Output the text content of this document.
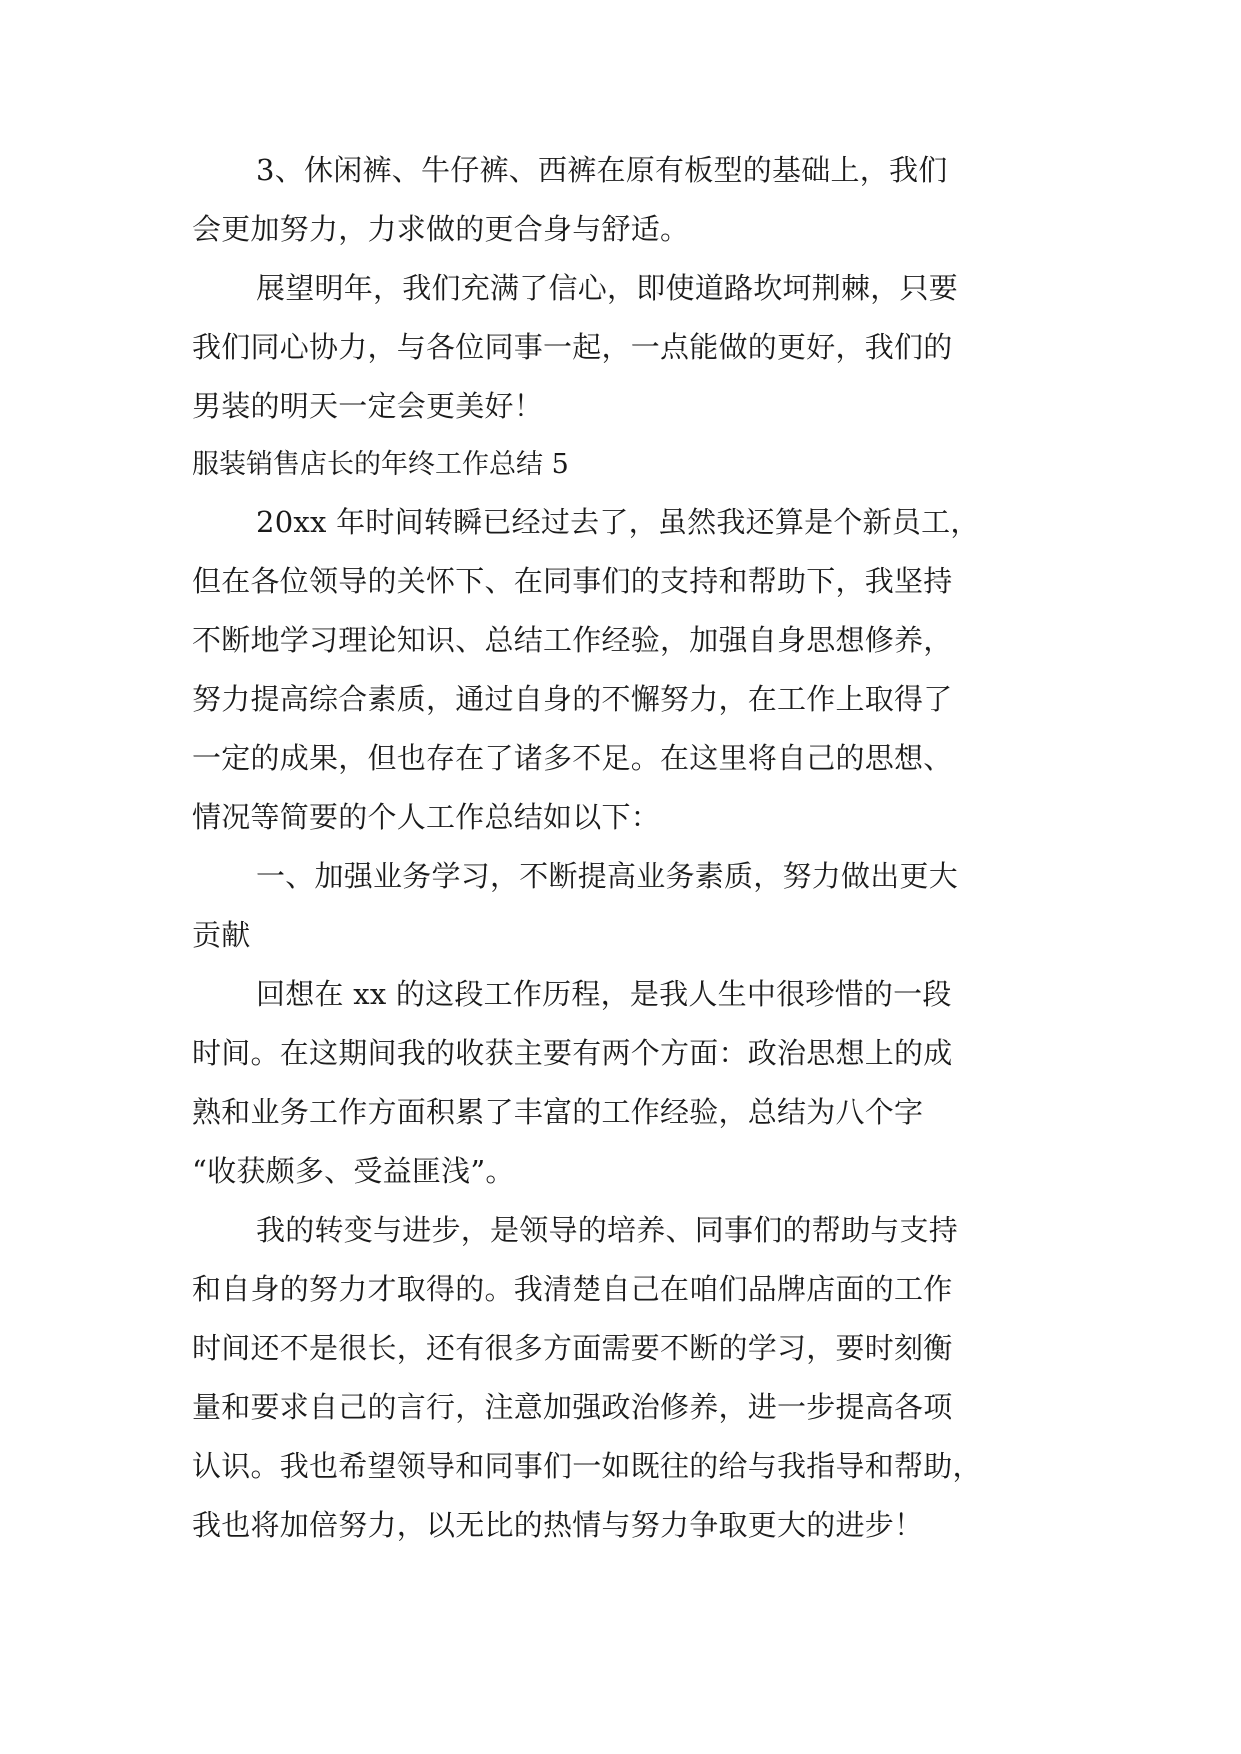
3、休闲裤、牛仔裤、西裤在原有板型的基础上，我们
会更加努力，力求做的更合身与舒适。
展望明年，我们充满了信心，即使道路坎坷荆棘，只要
我们同心协力，与各位同事一起，一点能做的更好，我们的
男装的明天一定会更美好！
服装销售店长的年终工作总结 5
20xx 年时间转瞬已经过去了，虽然我还算是个新员工，
但在各位领导的关怀下、在同事们的支持和帮助下，我坚持
不断地学习理论知识、总结工作经验，加强自身思想修养，
努力提高综合素质，通过自身的不懈努力，在工作上取得了
一定的成果，但也存在了诸多不足。在这里将自己的思想、
情况等简要的个人工作总结如以下：
一、加强业务学习，不断提高业务素质，努力做出更大
贡献
回想在 xx 的这段工作历程，是我人生中很珍惜的一段
时间。在这期间我的收获主要有两个方面：政治思想上的成
熟和业务工作方面积累了丰富的工作经验，总结为八个字
“收获颇多、受益匪浅”。
我的转变与进步，是领导的培养、同事们的帮助与支持
和自身的努力才取得的。我清楚自己在咱们品牌店面的工作
时间还不是很长，还有很多方面需要不断的学习，要时刻衡
量和要求自己的言行，注意加强政治修养，进一步提高各项
认识。我也希望领导和同事们一如既往的给与我指导和帮助，
我也将加倍努力，以无比的热情与努力争取更大的进步！
